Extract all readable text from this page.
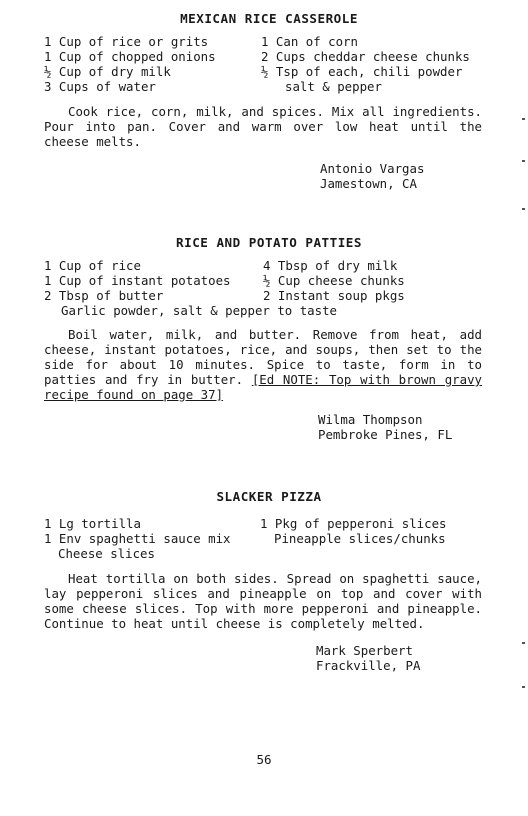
MEXICAN RICE CASSEROLE
1 Cup of rice or grits
1 Cup of chopped onions
½ Cup of dry milk
3 Cups of water
1 Can of corn
2 Cups cheddar cheese chunks
½ Tsp of each, chili powder
salt & pepper
Cook rice, corn, milk, and spices. Mix all ingredients. Pour into pan. Cover and warm over low heat until the cheese melts.
Antonio Vargas
Jamestown, CA
RICE AND POTATO PATTIES
1 Cup of rice
1 Cup of instant potatoes
2 Tbsp of butter
4 Tbsp of dry milk
½ Cup cheese chunks
2 Instant soup pkgs
Garlic powder, salt & pepper to taste
Boil water, milk, and butter. Remove from heat, add cheese, instant potatoes, rice, and soups, then set to the side for about 10 minutes. Spice to taste, form in to patties and fry in butter. [Ed NOTE: Top with brown gravy recipe found on page 37]
Wilma Thompson
Pembroke Pines, FL
SLACKER PIZZA
1 Lg tortilla
1 Env spaghetti sauce mix
Cheese slices
1 Pkg of pepperoni slices
Pineapple slices/chunks
Heat tortilla on both sides. Spread on spaghetti sauce, lay pepperoni slices and pineapple on top and cover with some cheese slices. Top with more pepperoni and pineapple. Continue to heat until cheese is completely melted.
Mark Sperbert
Frackville, PA
56
